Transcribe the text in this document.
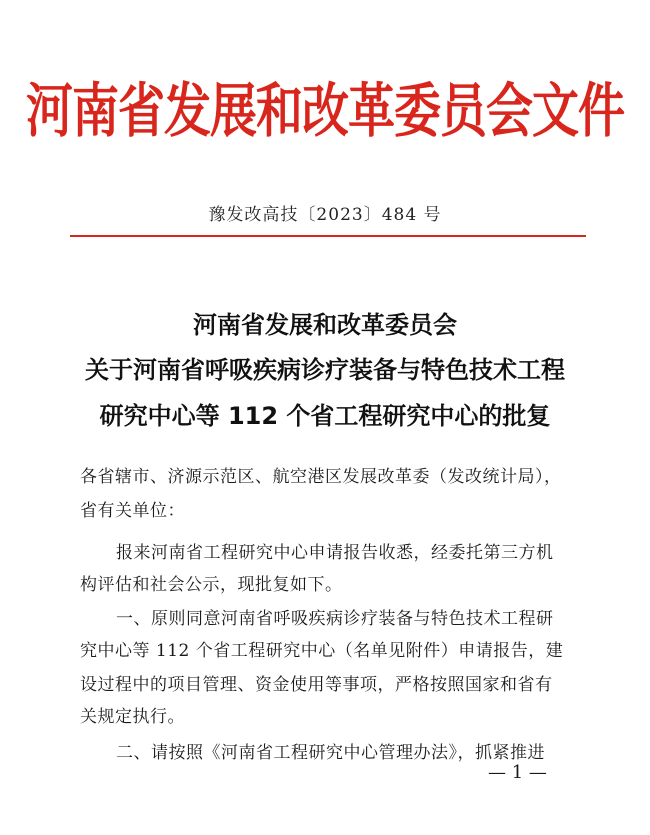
河南省发展和改革委员会文件
豫发改高技〔2023〕484 号
河南省发展和改革委员会
关于河南省呼吸疾病诊疗装备与特色技术工程
研究中心等 112 个省工程研究中心的批复
各省辖市、济源示范区、航空港区发展改革委（发改统计局），
省有关单位：
报来河南省工程研究中心申请报告收悉，经委托第三方机
构评估和社会公示，现批复如下。
一、原则同意河南省呼吸疾病诊疗装备与特色技术工程研
究中心等 112 个省工程研究中心（名单见附件）申请报告，建
设过程中的项目管理、资金使用等事项，严格按照国家和省有
关规定执行。
二、请按照《河南省工程研究中心管理办法》，抓紧推进
— 1 —
